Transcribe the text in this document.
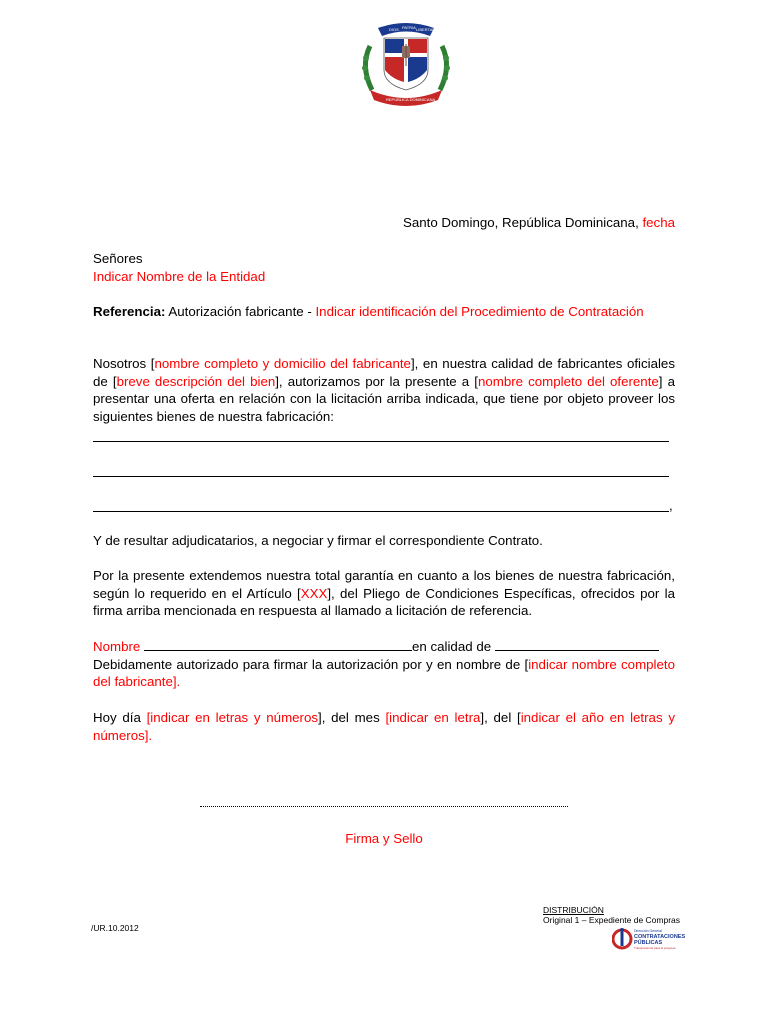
DIOS PATRIA LIBERTAD
REPÚBLICA DOMINICANA
Santo Domingo, República Dominicana, fecha
Señores
Indicar Nombre de la Entidad
Referencia: Autorización fabricante - Indicar identificación del Procedimiento de Contratación
Nosotros [nombre completo y domicilio del fabricante], en nuestra calidad de fabricantes oficiales de [breve descripción del bien], autorizamos por la presente a [nombre completo del oferente] a presentar una oferta en relación con la licitación arriba indicada, que tiene por objeto proveer los siguientes bienes de nuestra fabricación:
,
Y de resultar adjudicatarios, a negociar y firmar el correspondiente Contrato.
Por la presente extendemos nuestra total garantía en cuanto a los bienes de nuestra fabricación, según lo requerido en el Artículo [XXX], del Pliego de Condiciones Específicas, ofrecidos por la firma arriba mencionada en respuesta al llamado a licitación de referencia.
Nombre	en calidad de
Debidamente autorizado para firmar la autorización por y en nombre de [indicar nombre completo del fabricante].
Hoy día [indicar en letras y números], del mes [indicar en letra], del [indicar el año en letras y números].
Firma y Sello
/UR.10.2012
DISTRIBUCIÓN
Original 1 – Expediente de Compras
Dirección General
CONTRATACIONES
PÚBLICAS
Transparencia para el progreso
